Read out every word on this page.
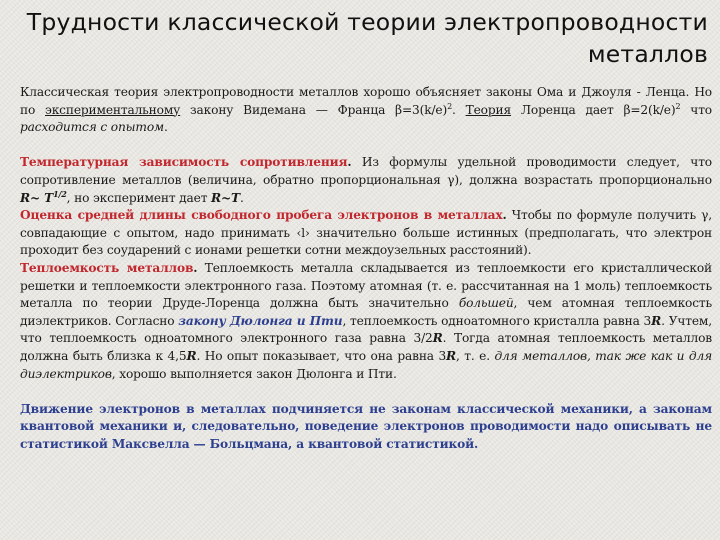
Трудности классической теории электропроводности металлов

Классическая теория электропроводности металлов хорошо объясняет законы Ома и Джоуля - Ленца. Но по экспериментальному закону Видемана — Франца $\beta=3(k/e)^2$. Теория Лоренца дает $\beta=2(k/e)^2$ что расходится с опытом.

Температурная зависимость сопротивления. Из формулы удельной проводимости следует, что сопротивление металлов (величина, обратно пропорциональная γ), должна возрастать пропорционально R~ $T^{1/2}$, но эксперимент дает R~T.

Оценка средней длины свободного пробега электронов в металлах. Чтобы по формуле получить γ, совпадающие с опытом, надо принимать ‹l› значительно больше истинных (предполагать, что электрон проходит без соударений с ионами решетки сотни междоузельных расстояний).

Теплоемкость металлов. Теплоемкость металла складывается из теплоемкости его кристаллической решетки и теплоемкости электронного газа. Поэтому атомная (т. е. рассчитанная на 1 моль) теплоемкость металла по теории Друде-Лоренца должна быть значительно большей, чем атомная теплоемкость диэлектриков. Согласно закону Дюлонга и Пти, теплоемкость одноатомного кристалла равна 3R. Учтем, что теплоемкость одноатомного электронного газа равна 3/2R. Тогда атомная теплоемкость металлов должна быть близка к 4,5R. Но опыт показывает, что она равна 3R, т. е. для металлов, так же как и для диэлектриков, хорошо выполняется закон Дюлонга и Пти.

Движение электронов в металлах подчиняется не законам классической механики, а законам квантовой механики и, следовательно, поведение электронов проводимости надо описывать не статистикой Максвелла — Больцмана, а квантовой статистикой.
